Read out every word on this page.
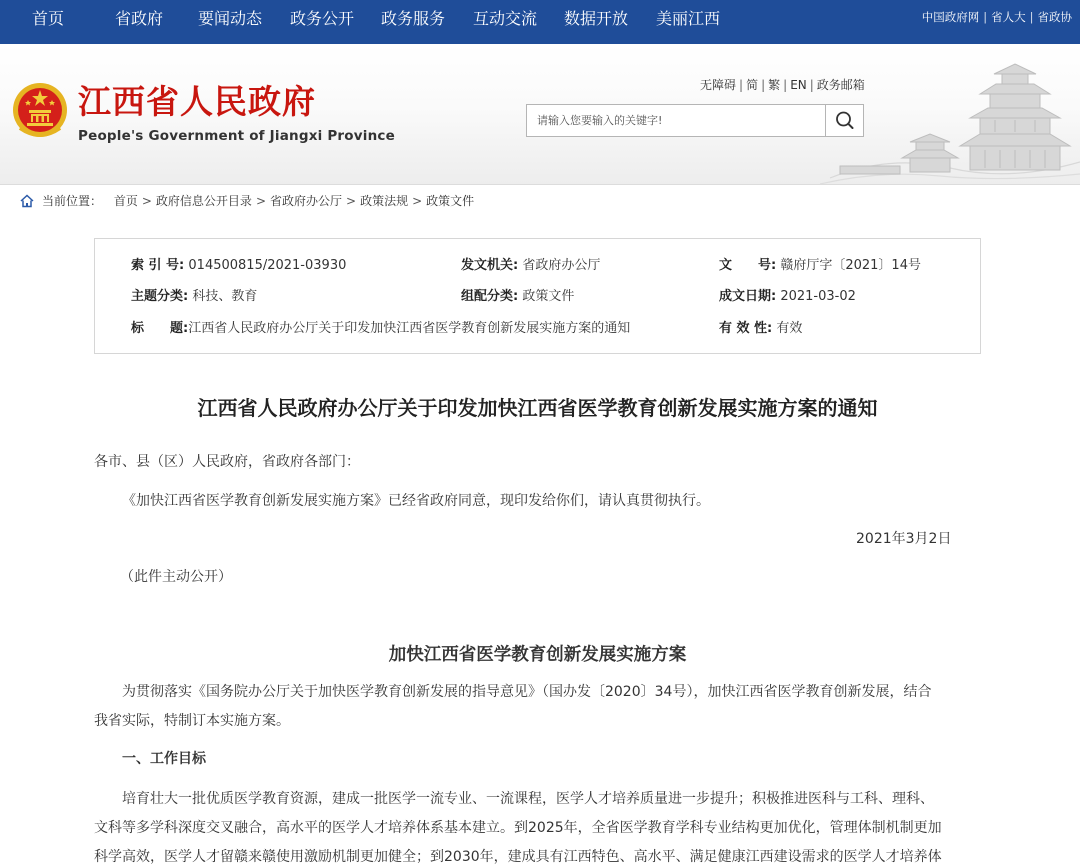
首页	省政府 要闻动态 政务公开 政务服务 互动交流 数据开放 美丽江西	中国政府网 | 省人大 | 省政协
江西省人民政府
People's Government of Jiangxi Province
无障碍 | 简 | 繁 | EN | 政务邮箱
请输入您要输入的关键字!
当前位置： 首页 > 政府信息公开目录 > 省政府办公厅 > 政策法规 > 政策文件
索 引 号: 014500815/2021-03930	发文机关: 省政府办公厅	文　　号: 赣府厅字〔2021〕14号
主题分类: 科技、教育	组配分类: 政策文件	成文日期: 2021-03-02
标　　题:江西省人民政府办公厅关于印发加快江西省医学教育创新发展实施方案的通知	有 效 性: 有效
江西省人民政府办公厅关于印发加快江西省医学教育创新发展实施方案的通知
各市、县（区）人民政府，省政府各部门：
《加快江西省医学教育创新发展实施方案》已经省政府同意，现印发给你们，请认真贯彻执行。
2021年3月2日
（此件主动公开）
加快江西省医学教育创新发展实施方案
为贯彻落实《国务院办公厅关于加快医学教育创新发展的指导意见》（国办发〔2020〕34号），加快江西省医学教育创新发展，结合
我省实际，特制订本实施方案。
一、工作目标
培育壮大一批优质医学教育资源，建成一批医学一流专业、一流课程，医学人才培养质量进一步提升；积极推进医科与工科、理科、
文科等多学科深度交叉融合，高水平的医学人才培养体系基本建立。到2025年，全省医学教育学科专业结构更加优化，管理体制机制更加
科学高效，医学人才留赣来赣使用激励机制更加健全；到2030年，建成具有江西特色、高水平、满足健康江西建设需求的医学人才培养体
